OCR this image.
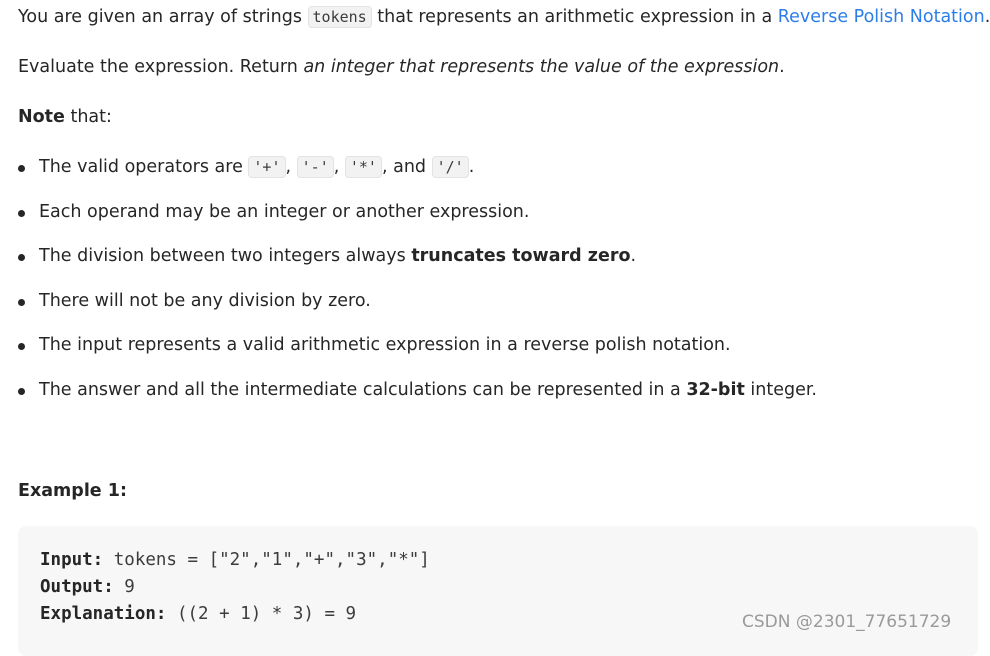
You are given an array of strings tokens that represents an arithmetic expression in a Reverse Polish Notation.

Evaluate the expression. Return an integer that represents the value of the expression.

Note that:

The valid operators are '+' , '-' , '*' , and '/' .
Each operand may be an integer or another expression.
The division between two integers always truncates toward zero.
There will not be any division by zero.
The input represents a valid arithmetic expression in a reverse polish notation.
The answer and all the intermediate calculations can be represented in a 32-bit integer.

Example 1:

Input: tokens = ["2","1","+","3","*"]
Output: 9
Explanation: ((2 + 1) * 3) = 9	CSDN @2301_77651729
